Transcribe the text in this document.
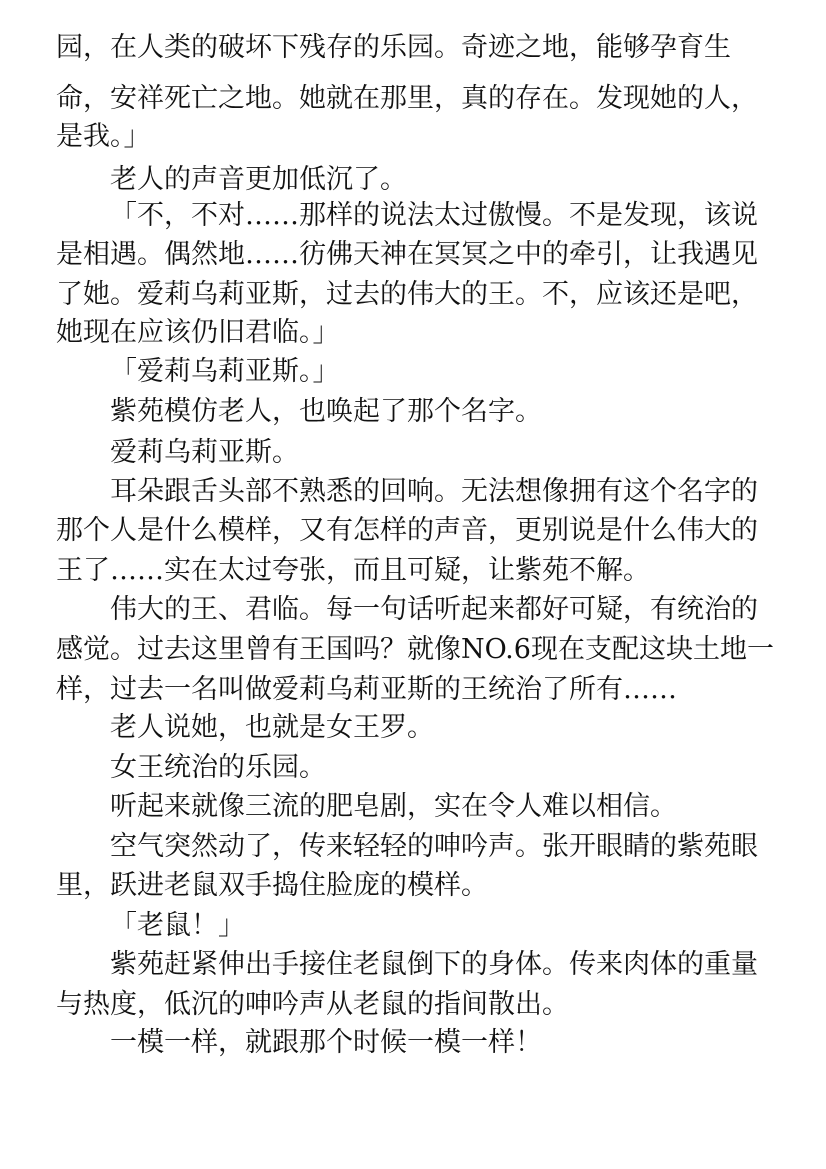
园，在人类的破坏下残存的乐园。奇迹之地，能够孕育生
命，安祥死亡之地。她就在那里，真的存在。发现她的人，
是我。」
老人的声音更加低沉了。
「不，不对……那样的说法太过傲慢。不是发现，该说
是相遇。偶然地……彷佛天神在冥冥之中的牵引，让我遇见
了她。爱莉乌莉亚斯，过去的伟大的王。不，应该还是吧，
她现在应该仍旧君临。」
「爱莉乌莉亚斯。」
紫苑模仿老人，也唤起了那个名字。
爱莉乌莉亚斯。
耳朵跟舌头部不熟悉的回响。无法想像拥有这个名字的
那个人是什么模样，又有怎样的声音，更别说是什么伟大的
王了……实在太过夸张，而且可疑，让紫苑不解。
伟大的王、君临。每一句话听起来都好可疑，有统治的
感觉。过去这里曾有王国吗？就像NO.6现在支配这块土地一
样，过去一名叫做爱莉乌莉亚斯的王统治了所有……
老人说她，也就是女王罗。
女王统治的乐园。
听起来就像三流的肥皂剧，实在令人难以相信。
空气突然动了，传来轻轻的呻吟声。张开眼睛的紫苑眼
里，跃进老鼠双手捣住脸庞的模样。
「老鼠！」
紫苑赶紧伸出手接住老鼠倒下的身体。传来肉体的重量
与热度，低沉的呻吟声从老鼠的指间散出。
一模一样，就跟那个时候一模一样！
